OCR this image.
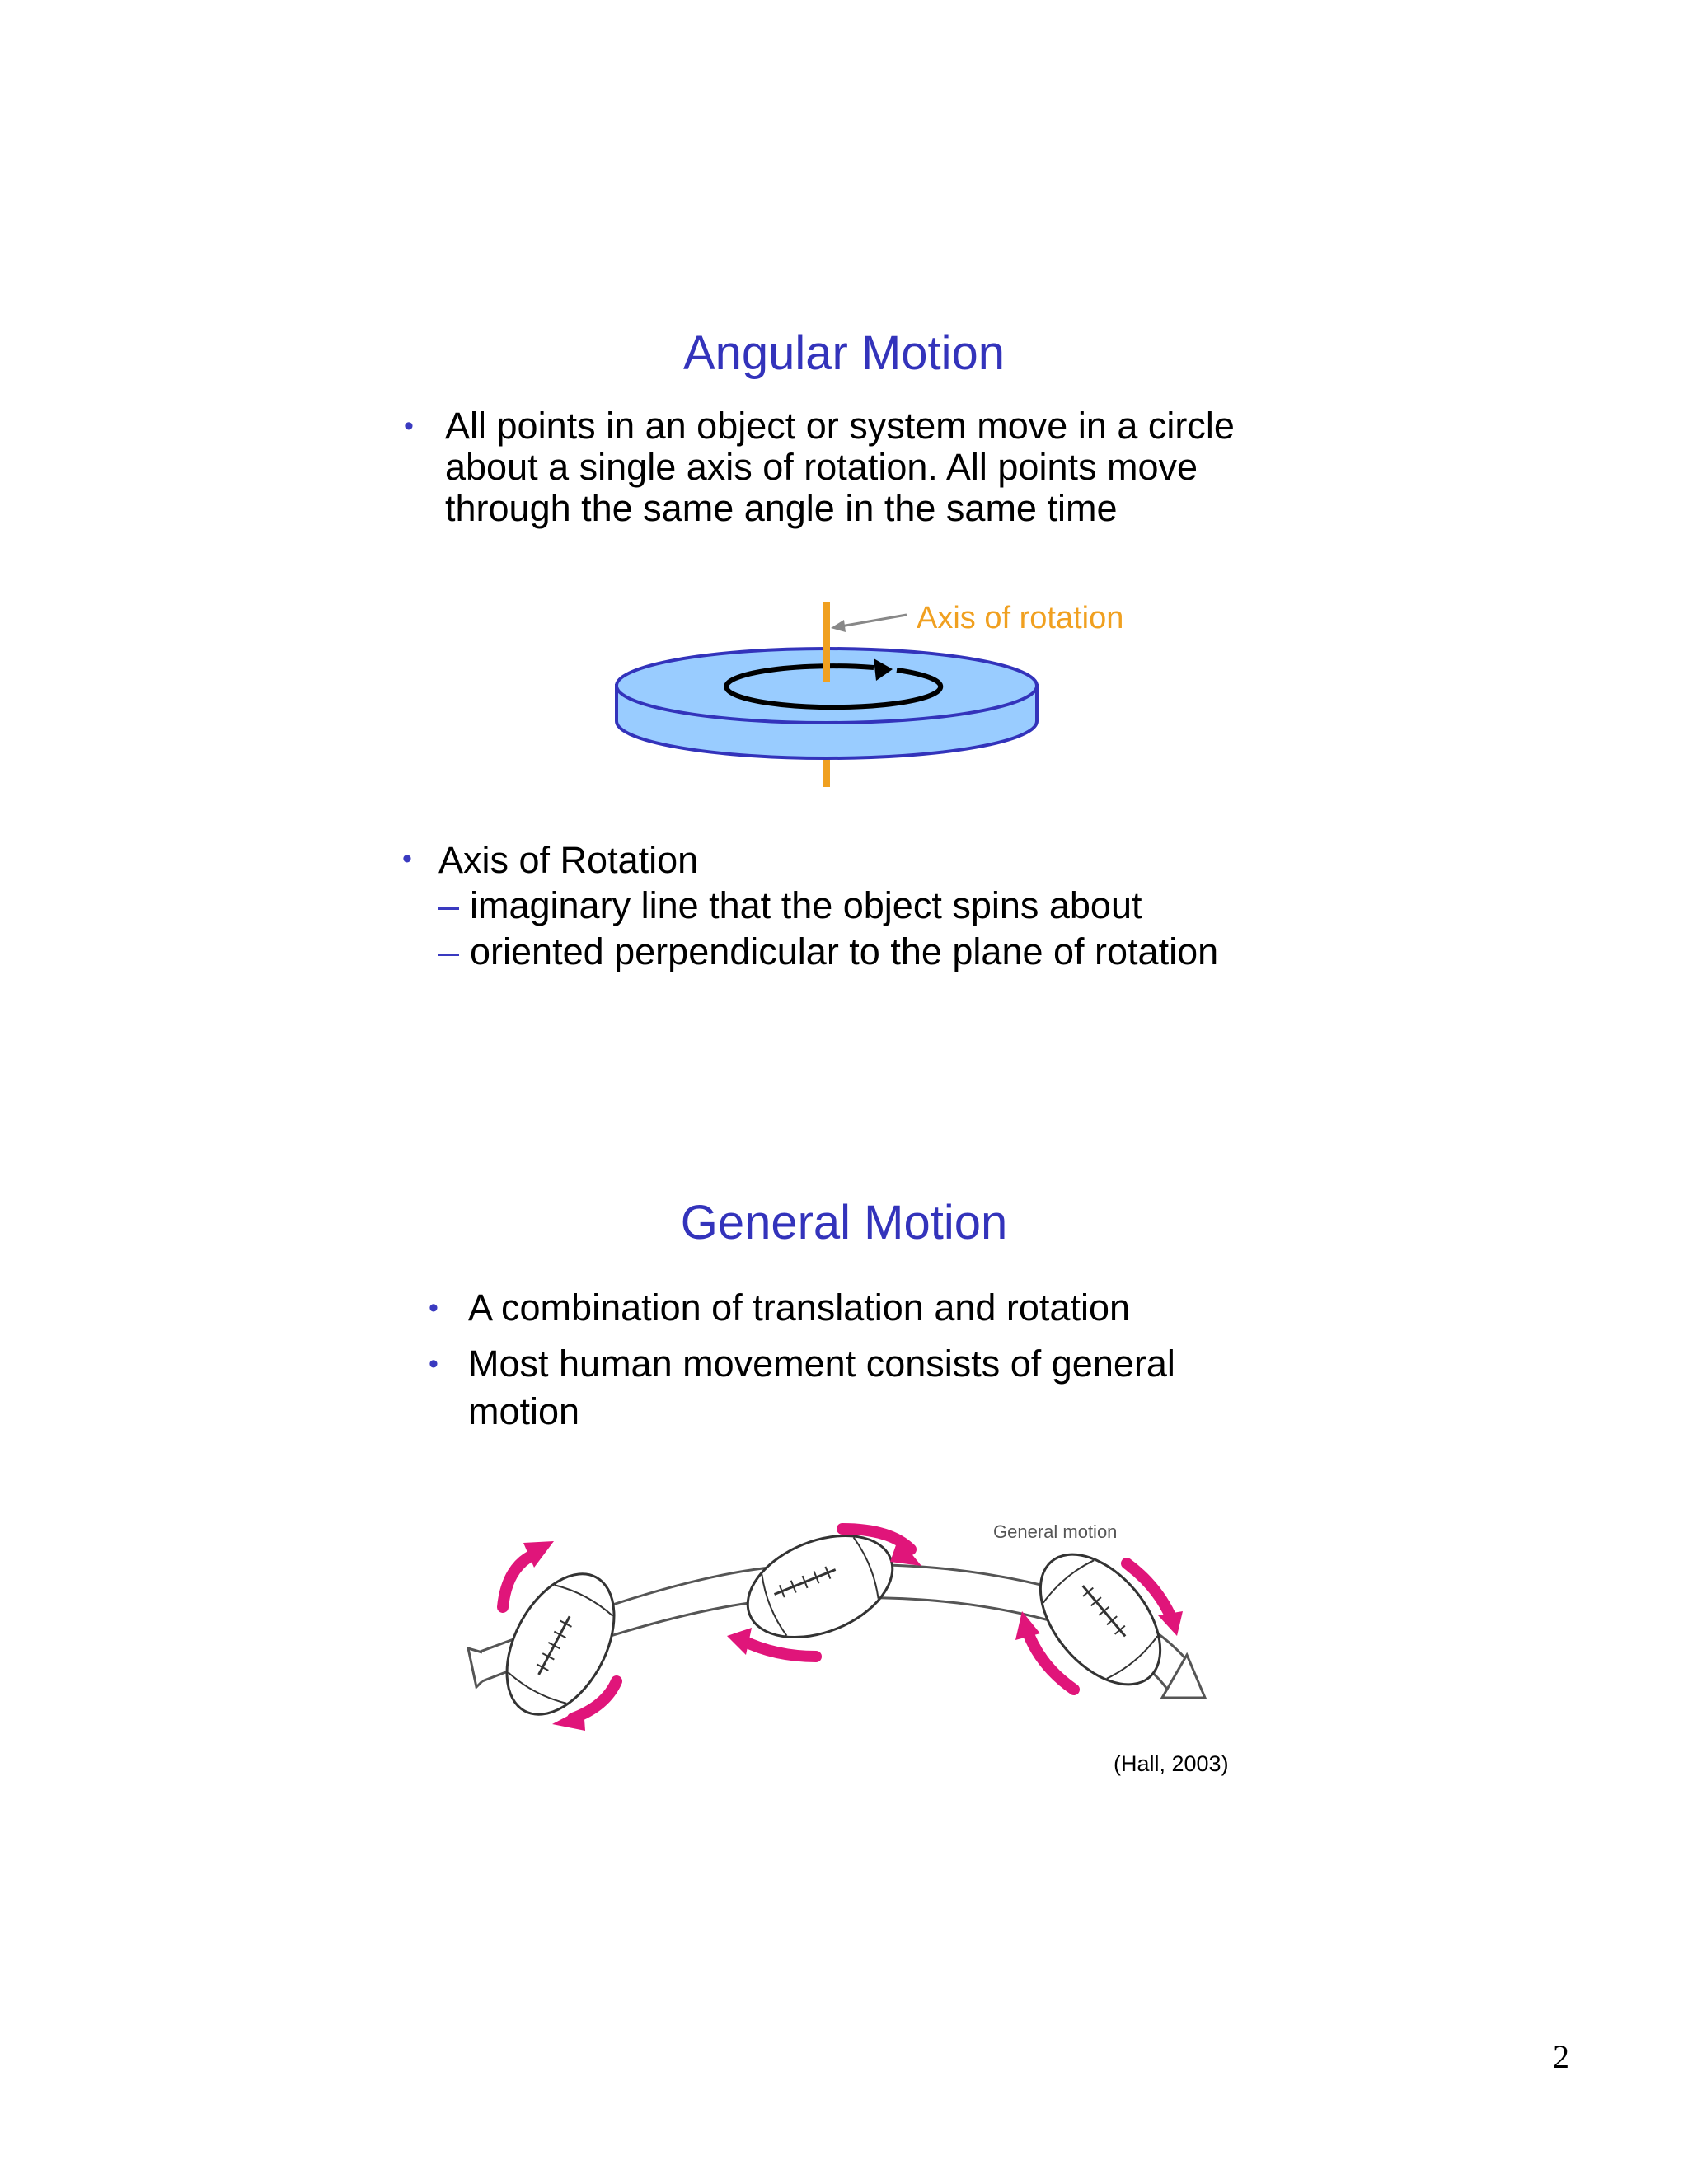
Angular Motion
• All points in an object or system move in a circle
about a single axis of rotation. All points move
through the same angle in the same time
Axis of rotation
• Axis of Rotation
– imaginary line that the object spins about
– oriented perpendicular to the plane of rotation
General Motion
• A combination of translation and rotation
• Most human movement consists of general
motion
General motion
(Hall, 2003)
2
